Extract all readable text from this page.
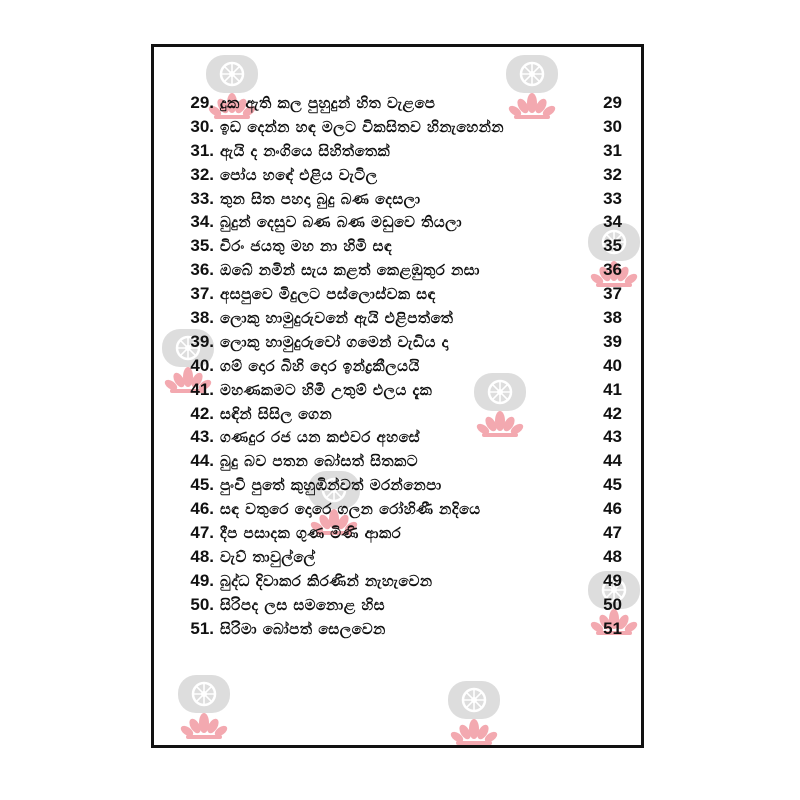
29. දුක ඇති කල පුහුදුන් හිත වැළපෙ	29
30. ඉඩ දෙන්න හඳ මලට විකසිතව හිනැහෙන්න	30
31. ඇයි ද නංගියෙ සිහිත්තෙක්	31
32. පෝය හඳේ එළිය වැටිල	32
33. තුන සිත පහදා බුදු බණ දෙසලා	33
34. බුදුන් දෙසුව බණ බණ මඩුවෙ තියලා	34
35. චිරං ජයතු මහ නා හිමි සඳ	35
36. ඔබේ නමින් සැය කළත් කෙළඹුතුර නසා	36
37. අසපුවෙ මිදුලට පස්ලොස්වක සඳ	37
38. ලොකු හාමුදුරුවනේ ඇයි එළිපත්තේ	38
39. ලොකු හාමුදුරුවෝ ගමෙන් වැඩිය දා	39
40. ගම් දොර බිහි දොර ඉන්ද්‍රකීලයයි	40
41. මහණකමට හිමි උතුම් එලය දැක	41
42. සඳින් සිසිල ගෙන	42
43. ගණදුර රජ යන කළුවර අහසේ	43
44. බුදු බව පතන බෝසත් සිතකට	44
45. පුංචි පුතේ කුහුඹින්වත් මරන්නෙපා	45
46. සඳ වතුරෙ දොරෙ ගලන රෝහිණී නදියෙ	46
47. දීප පසාදක ගුණ මිණි ආකර	47
48. වැව් තාවුල්ලේ	48
49. බුද්ධ දිවාකර කිරණින් නැහැවෙන	49
50. සිරිපද ලස සමනොළ හිස	50
51. සිරිමා බෝපත් සෙලවෙන	51
